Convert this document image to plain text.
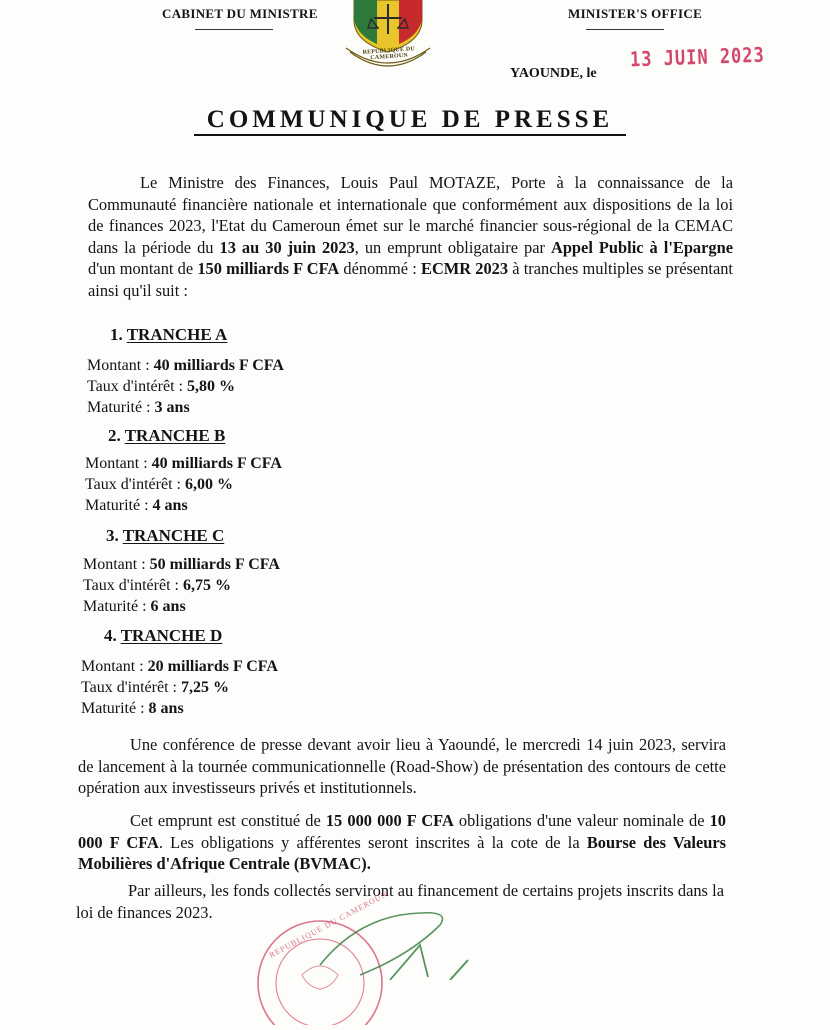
CABINET DU MINISTRE	MINISTER'S OFFICE
REPUBLIQUE DU CAMEROUN
YAOUNDE, le
13 JUIN 2023
COMMUNIQUE DE PRESSE
Le Ministre des Finances, Louis Paul MOTAZE, Porte à la connaissance de la Communauté financière nationale et internationale que conformément aux dispositions de la loi de finances 2023, l'Etat du Cameroun émet sur le marché financier sous-régional de la CEMAC dans la période du 13 au 30 juin 2023, un emprunt obligataire par Appel Public à l'Epargne d'un montant de 150 milliards F CFA dénommé : ECMR 2023 à tranches multiples se présentant ainsi qu'il suit :
1. TRANCHE A
Montant : 40 milliards F CFA
Taux d'intérêt : 5,80 %
Maturité : 3 ans
2. TRANCHE B
Montant : 40 milliards F CFA
Taux d'intérêt : 6,00 %
Maturité : 4 ans
3. TRANCHE C
Montant : 50 milliards F CFA
Taux d'intérêt : 6,75 %
Maturité : 6 ans
4. TRANCHE D
Montant : 20 milliards F CFA
Taux d'intérêt : 7,25 %
Maturité : 8 ans
Une conférence de presse devant avoir lieu à Yaoundé, le mercredi 14 juin 2023, servira de lancement à la tournée communicationnelle (Road-Show) de présentation des contours de cette opération aux investisseurs privés et institutionnels.
Cet emprunt est constitué de 15 000 000 F CFA obligations d'une valeur nominale de 10 000 F CFA. Les obligations y afférentes seront inscrites à la cote de la Bourse des Valeurs Mobilières d'Afrique Centrale (BVMAC).
Par ailleurs, les fonds collectés serviront au financement de certains projets inscrits dans la loi de finances 2023.	REPUBLIQUE DU CAMEROUN
